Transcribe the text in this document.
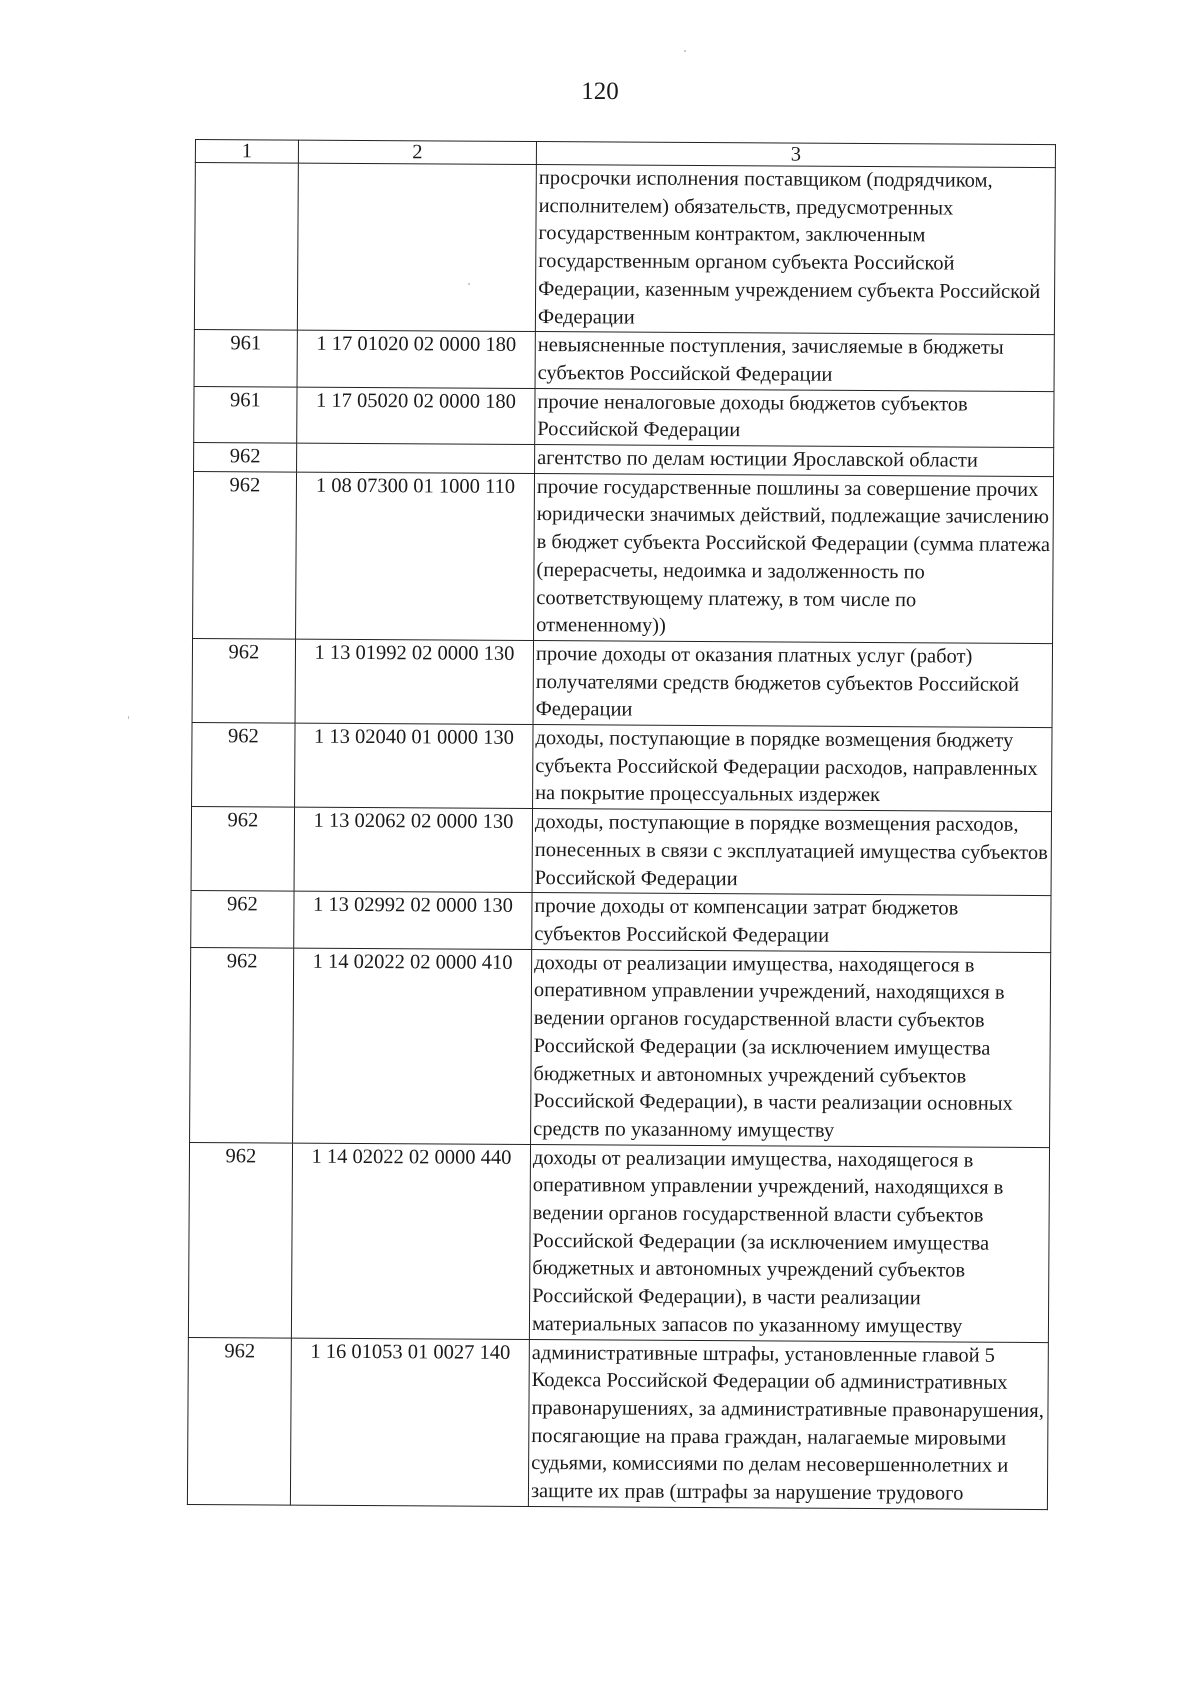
120
1	2	3
		просрочки исполнения поставщиком (подрядчиком, исполнителем) обязательств, предусмотренных государственным контрактом, заключенным государственным органом субъекта Российской Федерации, казенным учреждением субъекта Российской Федерации
961	1 17 01020 02 0000 180	невыясненные поступления, зачисляемые в бюджеты субъектов Российской Федерации
961	1 17 05020 02 0000 180	прочие неналоговые доходы бюджетов субъектов Российской Федерации
962		агентство по делам юстиции Ярославской области
962	1 08 07300 01 1000 110	прочие государственные пошлины за совершение прочих юридически значимых действий, подлежащие зачислению в бюджет субъекта Российской Федерации (сумма платежа (перерасчеты, недоимка и задолженность по соответствующему платежу, в том числе по отмененному))
962	1 13 01992 02 0000 130	прочие доходы от оказания платных услуг (работ) получателями средств бюджетов субъектов Российской Федерации
962	1 13 02040 01 0000 130	доходы, поступающие в порядке возмещения бюджету субъекта Российской Федерации расходов, направленных на покрытие процессуальных издержек
962	1 13 02062 02 0000 130	доходы, поступающие в порядке возмещения расходов, понесенных в связи с эксплуатацией имущества субъектов Российской Федерации
962	1 13 02992 02 0000 130	прочие доходы от компенсации затрат бюджетов субъектов Российской Федерации
962	1 14 02022 02 0000 410	доходы от реализации имущества, находящегося в оперативном управлении учреждений, находящихся в ведении органов государственной власти субъектов Российской Федерации (за исключением имущества бюджетных и автономных учреждений субъектов Российской Федерации), в части реализации основных средств по указанному имуществу
962	1 14 02022 02 0000 440	доходы от реализации имущества, находящегося в оперативном управлении учреждений, находящихся в ведении органов государственной власти субъектов Российской Федерации (за исключением имущества бюджетных и автономных учреждений субъектов Российской Федерации), в части реализации материальных запасов по указанному имуществу
962	1 16 01053 01 0027 140	административные штрафы, установленные главой 5 Кодекса Российской Федерации об административных правонарушениях, за административные правонарушения, посягающие на права граждан, налагаемые мировыми судьями, комиссиями по делам несовершеннолетних и защите их прав (штрафы за нарушение трудового
